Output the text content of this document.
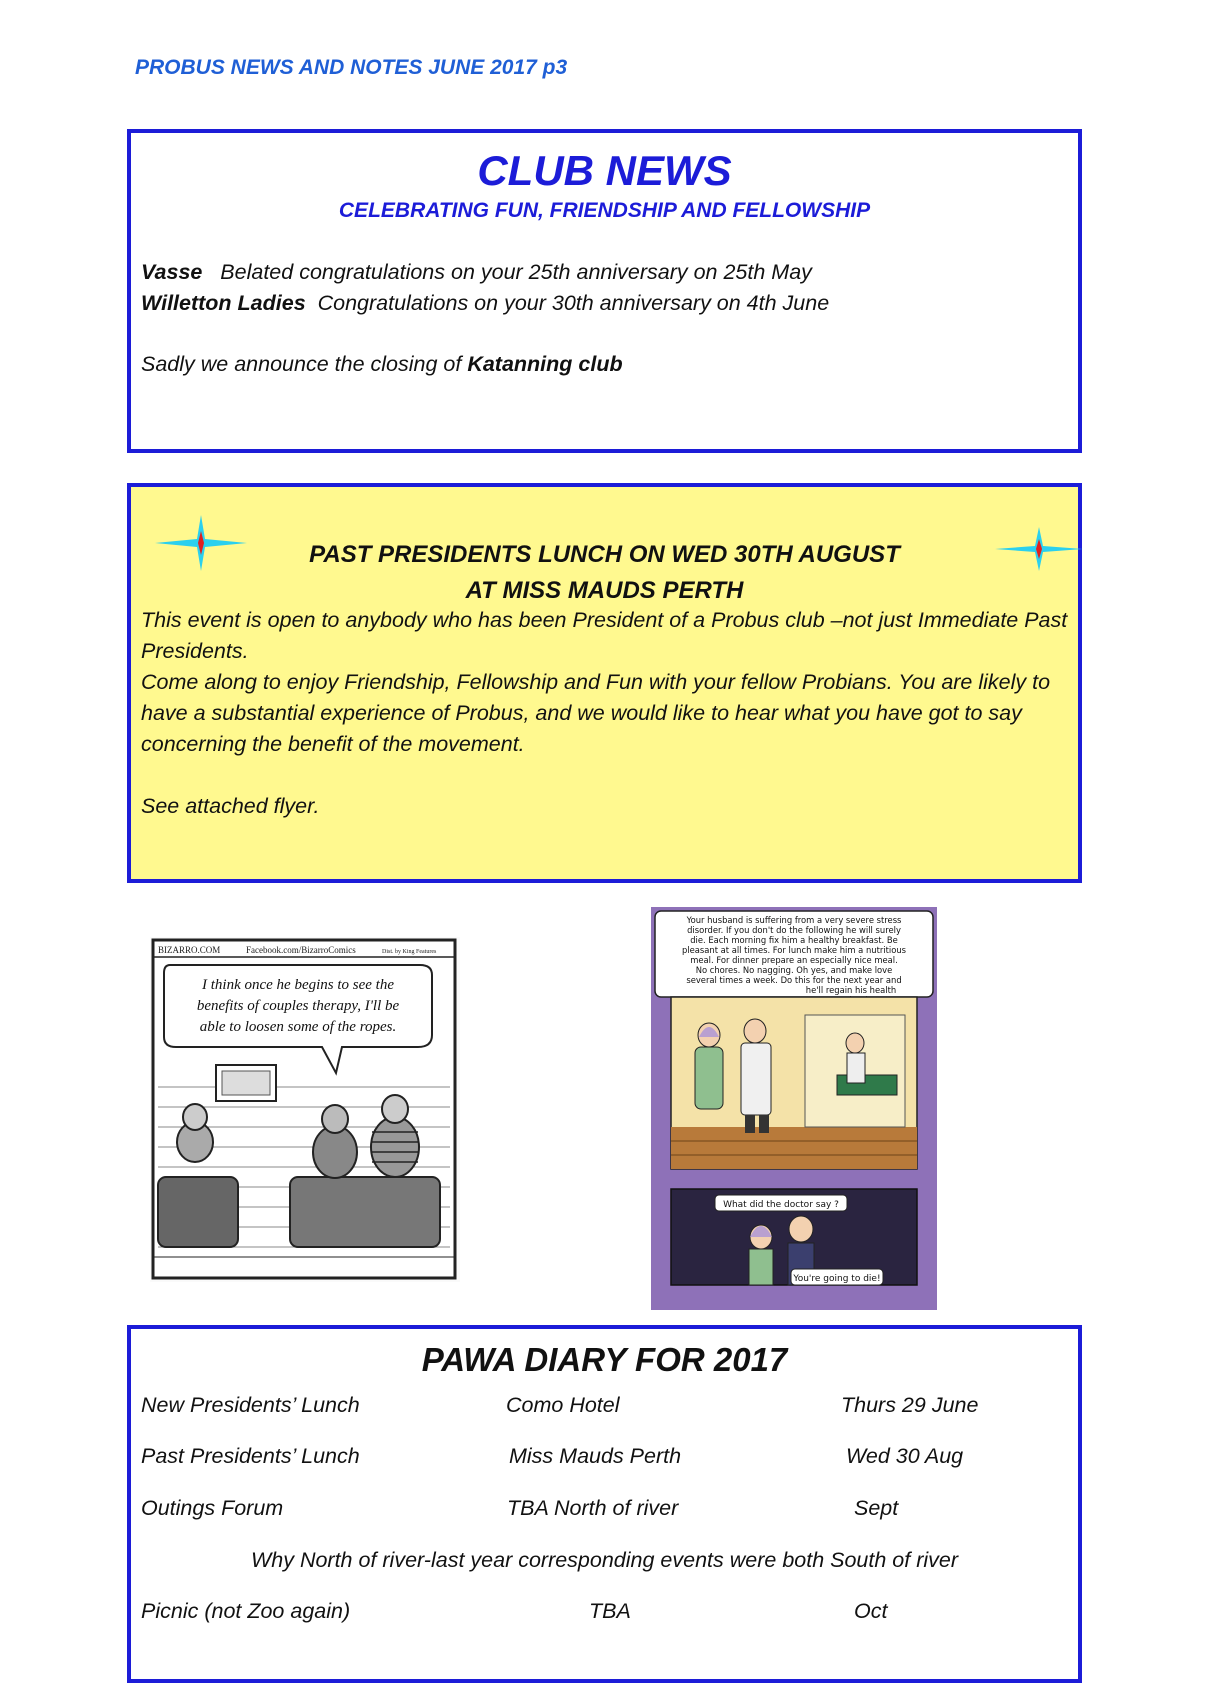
PROBUS NEWS AND NOTES JUNE 2017 p3
CLUB NEWS
CELEBRATING FUN, FRIENDSHIP AND FELLOWSHIP
Vasse Belated congratulations on your 25th anniversary on 25th May
Willetton Ladies Congratulations on your 30th anniversary on 4th June
Sadly we announce the closing of Katanning club
PAST PRESIDENTS LUNCH ON WED 30TH AUGUST
AT MISS MAUDS PERTH

This event is open to anybody who has been President of a Probus club –not just Immediate Past Presidents.

Come along to enjoy Friendship, Fellowship and Fun with your fellow Probians. You are likely to have a substantial experience of Probus, and we would like to hear what you have got to say concerning the benefit of the movement.

See attached flyer.

BIZARRO.COM	Facebook.com/BizarroComics	Dist. by King Features
I think once he begins to see the
benefits of couples therapy, I'll be
able to loosen some of the ropes.
Your husband is suffering from a very severe stress
disorder. If you don't do the following he will surely
die. Each morning fix him a healthy breakfast. Be
pleasant at all times. For lunch make him a nutritious
meal. For dinner prepare an especially nice meal.
No chores. No nagging. Oh yes, and make love
several times a week. Do this for the next year and
he'll regain his health
What did the doctor say ?
You're going to die!
PAWA DIARY FOR 2017
New Presidents’ Lunch	Como Hotel	Thurs 29 June
Past Presidents’ Lunch	Miss Mauds Perth	Wed 30 Aug
Outings Forum	TBA North of river	Sept
Why North of river-last year corresponding events were both South of river
Picnic (not Zoo again)	TBA	Oct
